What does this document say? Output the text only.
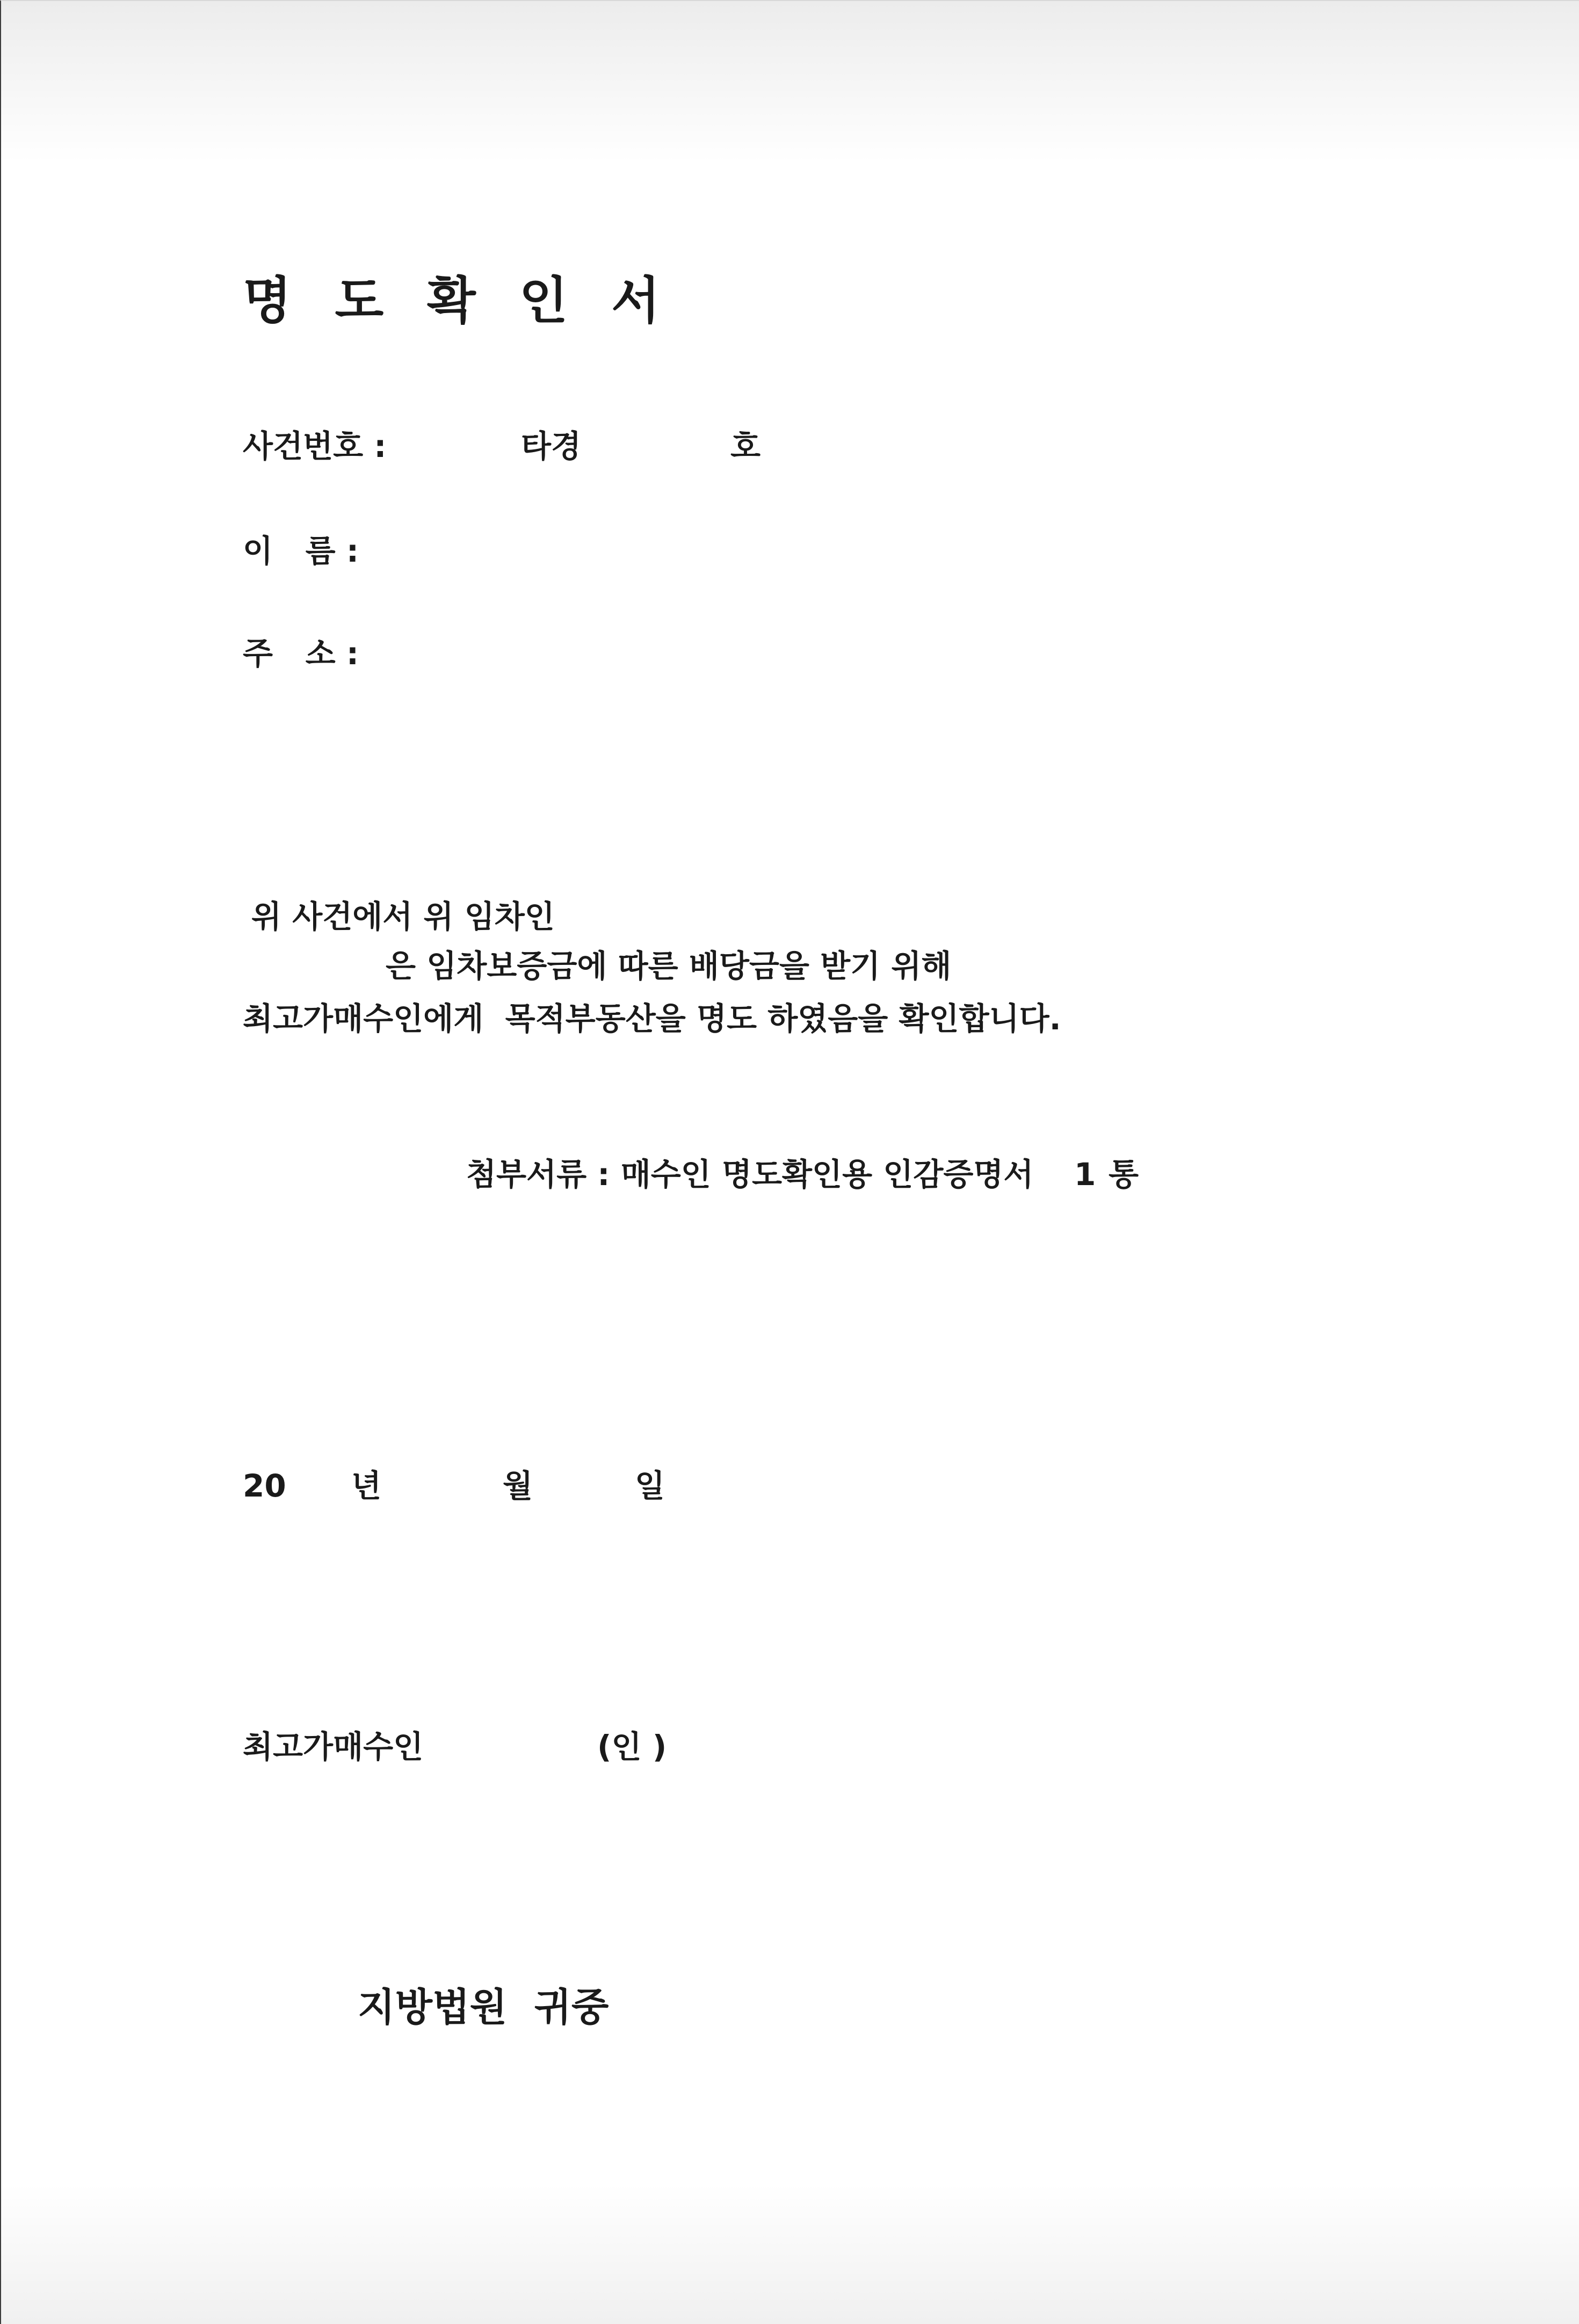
명 도 확 인 서
사건번호 :	타경	호
이   름 :
주   소 :
위 사건에서 위 임차인
은 임차보증금에 따른 배당금을 받기 위해
최고가매수인에게  목적부동산을 명도 하였음을 확인합니다.
첨부서류 : 매수인 명도확인용 인감증명서 1 통
20 년	월	일
최고가매수인	(인 )
지방법원  귀중
